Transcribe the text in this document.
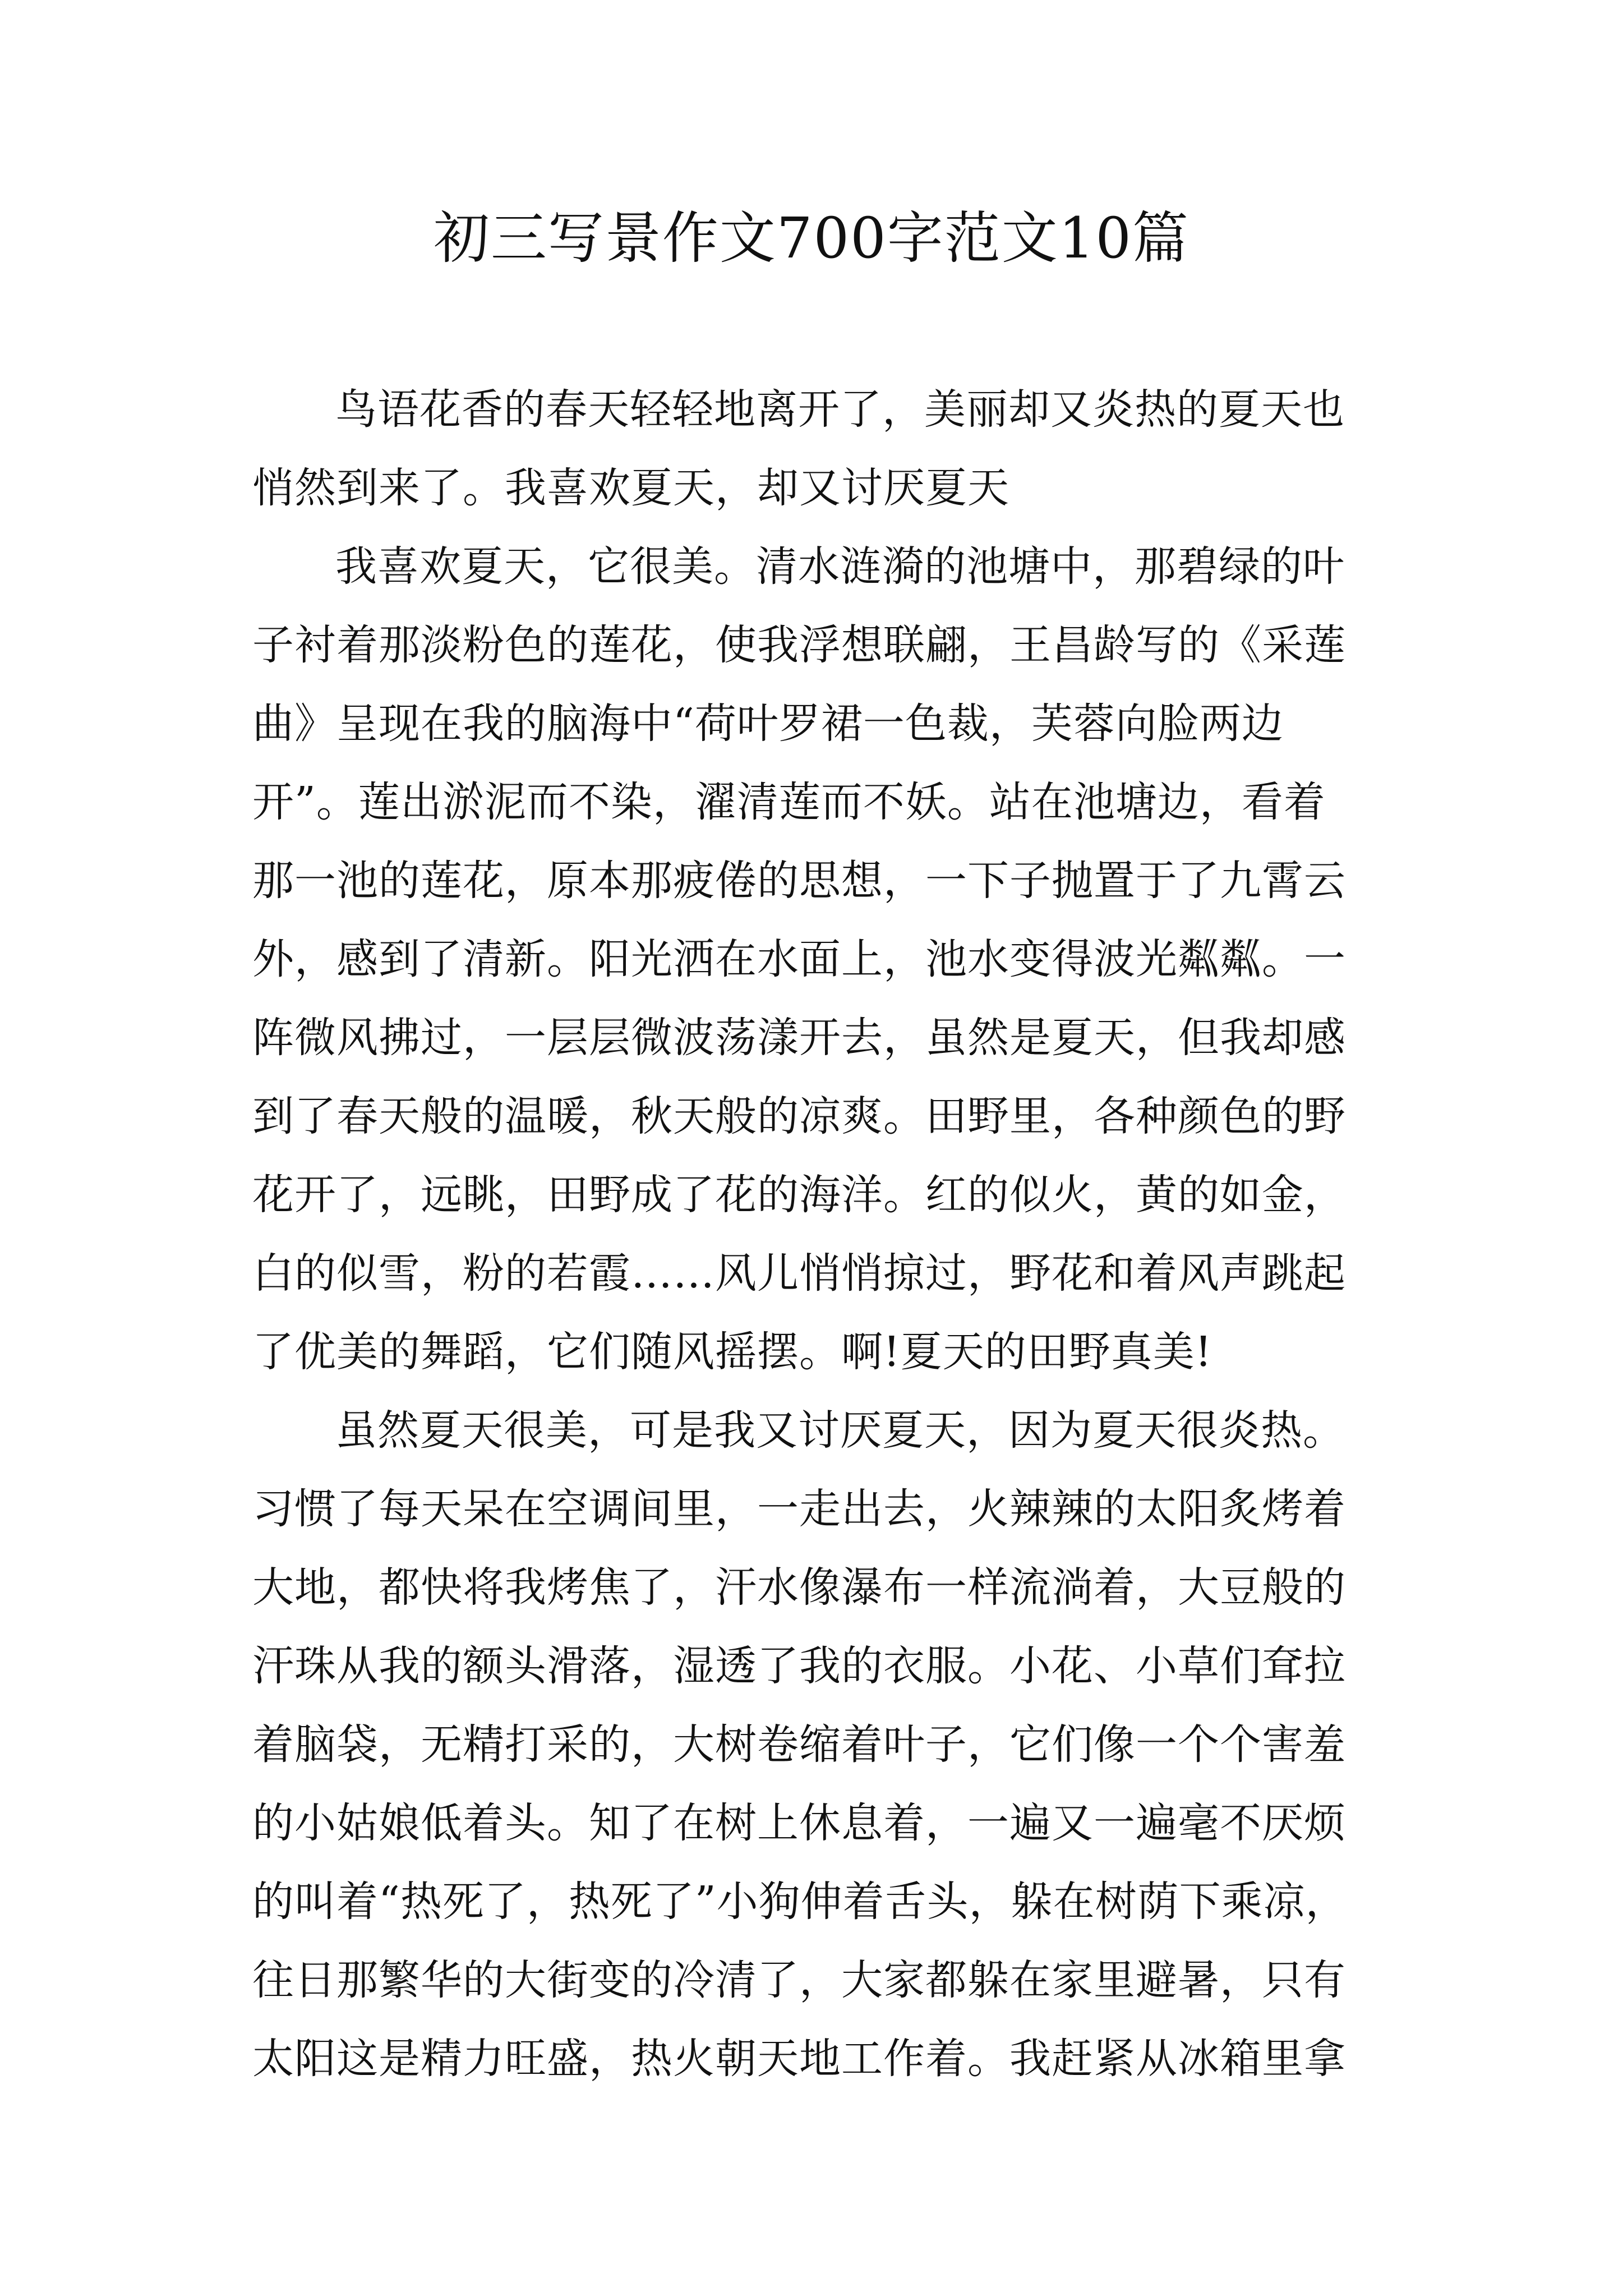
初三写景作文700字范文10篇
鸟语花香的春天轻轻地离开了，美丽却又炎热的夏天也
悄然到来了。我喜欢夏天，却又讨厌夏天
我喜欢夏天，它很美。清水涟漪的池塘中，那碧绿的叶
子衬着那淡粉色的莲花，使我浮想联翩，王昌龄写的《采莲
曲》呈现在我的脑海中“荷叶罗裙一色裁，芙蓉向脸两边
开”。莲出淤泥而不染，濯清莲而不妖。站在池塘边，看着
那一池的莲花，原本那疲倦的思想，一下子抛置于了九霄云
外，感到了清新。阳光洒在水面上，池水变得波光粼粼。一
阵微风拂过，一层层微波荡漾开去，虽然是夏天，但我却感
到了春天般的温暖，秋天般的凉爽。田野里，各种颜色的野
花开了，远眺，田野成了花的海洋。红的似火，黄的如金，
白的似雪，粉的若霞……风儿悄悄掠过，野花和着风声跳起
了优美的舞蹈，它们随风摇摆。啊!夏天的田野真美!
虽然夏天很美，可是我又讨厌夏天，因为夏天很炎热。
习惯了每天呆在空调间里，一走出去，火辣辣的太阳炙烤着
大地，都快将我烤焦了，汗水像瀑布一样流淌着，大豆般的
汗珠从我的额头滑落，湿透了我的衣服。小花、小草们耷拉
着脑袋，无精打采的，大树卷缩着叶子，它们像一个个害羞
的小姑娘低着头。知了在树上休息着，一遍又一遍毫不厌烦
的叫着“热死了，热死了”小狗伸着舌头，躲在树荫下乘凉，
往日那繁华的大街变的冷清了，大家都躲在家里避暑，只有
太阳这是精力旺盛，热火朝天地工作着。我赶紧从冰箱里拿
